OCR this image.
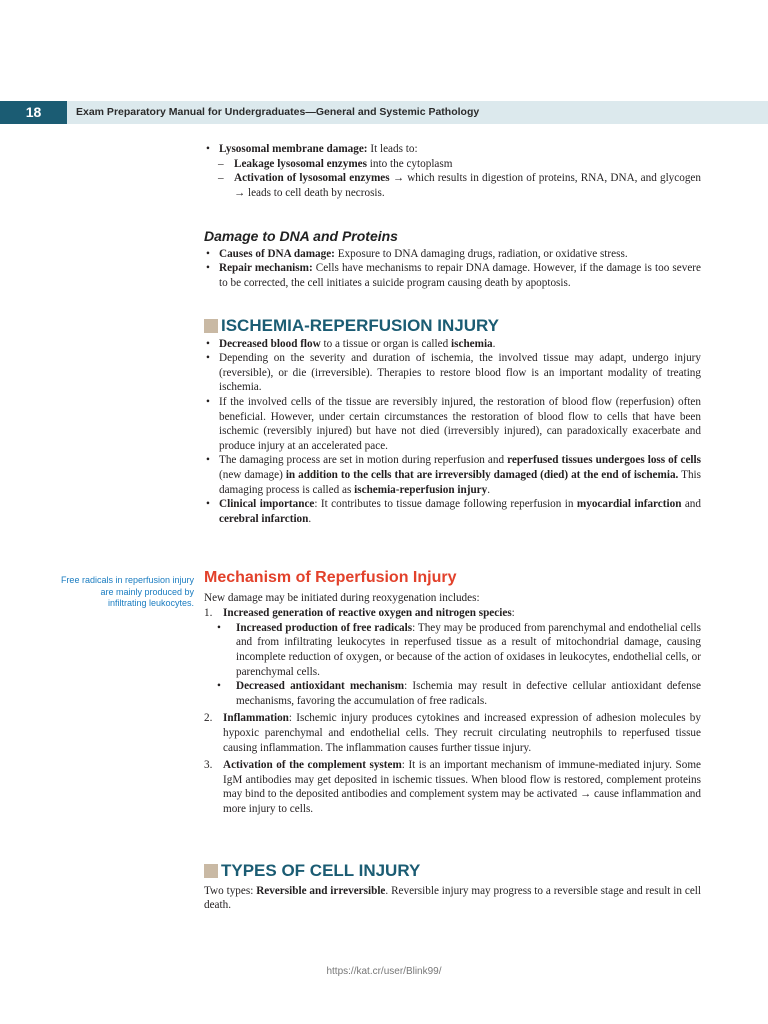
18	Exam Preparatory Manual for Undergraduates—General and Systemic Pathology
• Lysosomal membrane damage: It leads to:
– Leakage lysosomal enzymes into the cytoplasm
– Activation of lysosomal enzymes → which results in digestion of proteins, RNA, DNA, and glycogen → leads to cell death by necrosis.

Damage to DNA and Proteins

• Causes of DNA damage: Exposure to DNA damaging drugs, radiation, or oxidative stress.
• Repair mechanism: Cells have mechanisms to repair DNA damage. However, if the damage is too severe to be corrected, the cell initiates a suicide program causing death by apoptosis.

ISCHEMIA-REPERFUSION INJURY

• Decreased blood flow to a tissue or organ is called ischemia.
• Depending on the severity and duration of ischemia, the involved tissue may adapt, undergo injury (reversible), or die (irreversible). Therapies to restore blood flow is an important modality of treating ischemia.
• If the involved cells of the tissue are reversibly injured, the restoration of blood flow (reperfusion) often beneficial. However, under certain circumstances the restoration of blood flow to cells that have been ischemic (reversibly injured) but have not died (irreversibly injured), can paradoxically exacerbate and produce injury at an accelerated pace.
• The damaging process are set in motion during reperfusion and reperfused tissues undergoes loss of cells (new damage) in addition to the cells that are irreversibly damaged (died) at the end of ischemia. This damaging process is called as ischemia-reperfusion injury.
• Clinical importance: It contributes to tissue damage following reperfusion in myocardial infarction and cerebral infarction.
Free radicals in reperfusion injury are mainly produced by infiltrating leukocytes.

Mechanism of Reperfusion Injury

New damage may be initiated during reoxygenation includes:

1. Increased generation of reactive oxygen and nitrogen species:
• Increased production of free radicals: They may be produced from parenchymal and endothelial cells and from infiltrating leukocytes in reperfused tissue as a result of mitochondrial damage, causing incomplete reduction of oxygen, or because of the action of oxidases in leukocytes, endothelial cells, or parenchymal cells.
• Decreased antioxidant mechanism: Ischemia may result in defective cellular antioxidant defense mechanisms, favoring the accumulation of free radicals.
2. Inflammation: Ischemic injury produces cytokines and increased expression of adhesion molecules by hypoxic parenchymal and endothelial cells. They recruit circulating neutrophils to reperfused tissue causing inflammation. The inflammation causes further tissue injury.
3. Activation of the complement system: It is an important mechanism of immune-mediated injury. Some IgM antibodies may get deposited in ischemic tissues. When blood flow is restored, complement proteins may bind to the deposited antibodies and complement system may be activated → cause inflammation and more injury to cells.

TYPES OF CELL INJURY

Two types: Reversible and irreversible. Reversible injury may progress to a reversible stage and result in cell death.

https://kat.cr/user/Blink99/
